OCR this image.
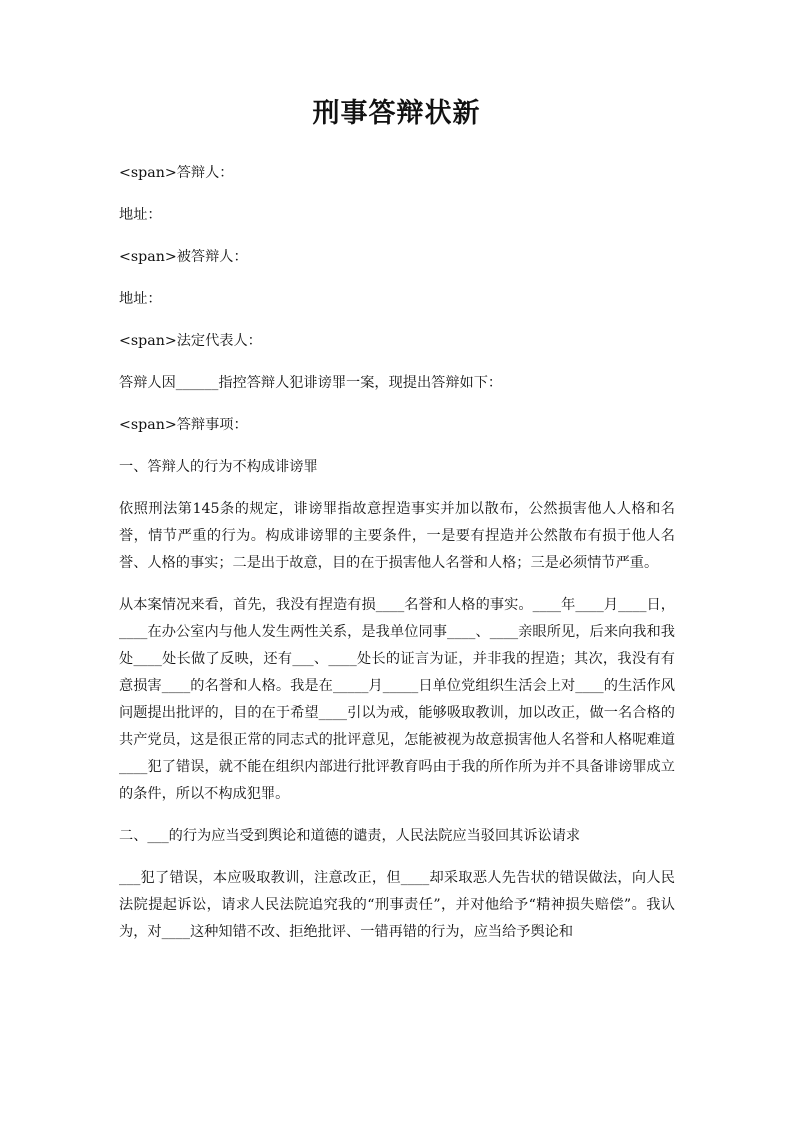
刑事答辩状新

<span>答辩人：

地址：

<span>被答辩人：

地址：

<span>法定代表人：

答辩人因______指控答辩人犯诽谤罪一案，现提出答辩如下：

<span>答辩事项：

一、答辩人的行为不构成诽谤罪

依照刑法第145条的规定，诽谤罪指故意捏造事实并加以散布，公然损害他人人格和名誉，情节严重的行为。构成诽谤罪的主要条件，一是要有捏造并公然散布有损于他人名誉、人格的事实；二是出于故意，目的在于损害他人名誉和人格；三是必须情节严重。

从本案情况来看，首先，我没有捏造有损____名誉和人格的事实。____年____月____日，____在办公室内与他人发生两性关系，是我单位同事____、____亲眼所见，后来向我和我处____处长做了反映，还有___、____处长的证言为证，并非我的捏造；其次，我没有有意损害____的名誉和人格。我是在_____月_____日单位党组织生活会上对____的生活作风问题提出批评的，目的在于希望____引以为戒，能够吸取教训，加以改正，做一名合格的共产党员，这是很正常的同志式的批评意见，怎能被视为故意损害他人名誉和人格呢难道____犯了错误，就不能在组织内部进行批评教育吗由于我的所作所为并不具备诽谤罪成立的条件，所以不构成犯罪。

二、___的行为应当受到舆论和道德的谴责，人民法院应当驳回其诉讼请求

___犯了错误，本应吸取教训，注意改正，但____却采取恶人先告状的错误做法，向人民法院提起诉讼，请求人民法院追究我的“刑事责任”，并对他给予“精神损失赔偿”。我认为，对____这种知错不改、拒绝批评、一错再错的行为，应当给予舆论和
